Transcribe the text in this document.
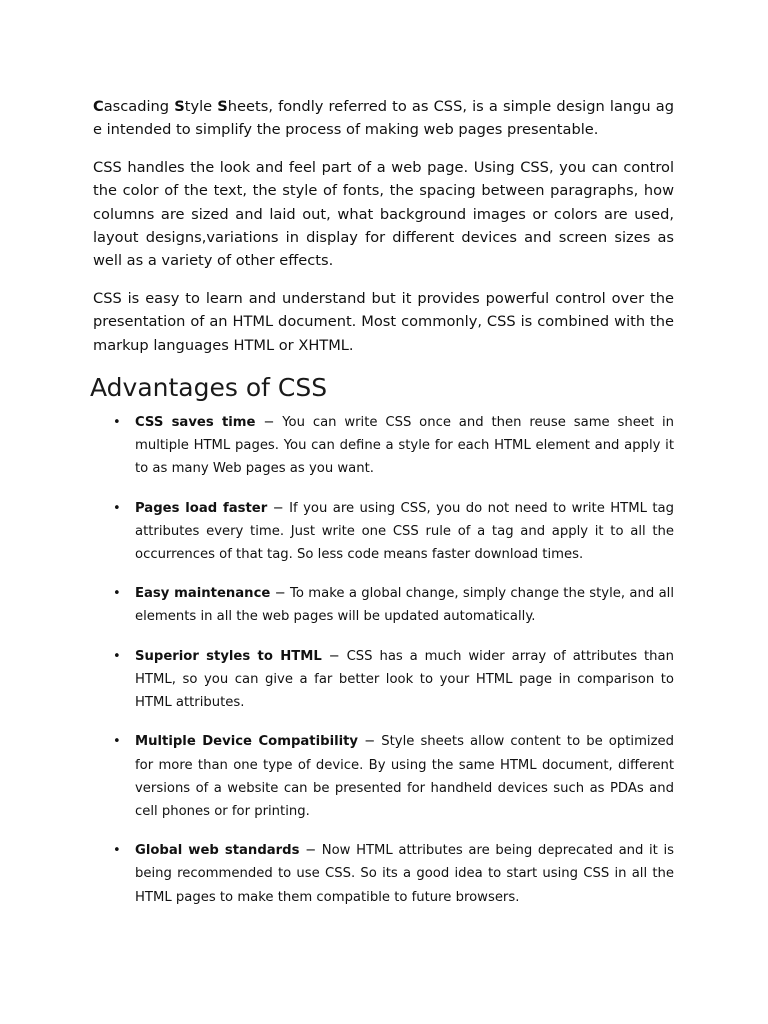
Cascading Style Sheets, fondly referred to as CSS, is a simple design langu age intended to simplify the process of making web pages presentable.

CSS handles the look and feel part of a web page. Using CSS, you can control the color of the text, the style of fonts, the spacing between paragraphs, how columns are sized and laid out, what background images or colors are used, layout designs,variations in display for different devices and screen sizes as well as a variety of other effects.

CSS is easy to learn and understand but it provides powerful control over the presentation of an HTML document. Most commonly, CSS is combined with the markup languages HTML or XHTML.

Advantages of CSS
• CSS saves time − You can write CSS once and then reuse same sheet in multiple HTML pages. You can define a style for each HTML element and apply it to as many Web pages as you want.
• Pages load faster − If you are using CSS, you do not need to write HTML tag attributes every time. Just write one CSS rule of a tag and apply it to all the occurrences of that tag. So less code means faster download times.
• Easy maintenance − To make a global change, simply change the style, and all elements in all the web pages will be updated automatically.
• Superior styles to HTML − CSS has a much wider array of attributes than HTML, so you can give a far better look to your HTML page in comparison to HTML attributes.
• Multiple Device Compatibility − Style sheets allow content to be optimized for more than one type of device. By using the same HTML document, different versions of a website can be presented for handheld devices such as PDAs and cell phones or for printing.
• Global web standards − Now HTML attributes are being deprecated and it is being recommended to use CSS. So its a good idea to start using CSS in all the HTML pages to make them compatible to future browsers.
